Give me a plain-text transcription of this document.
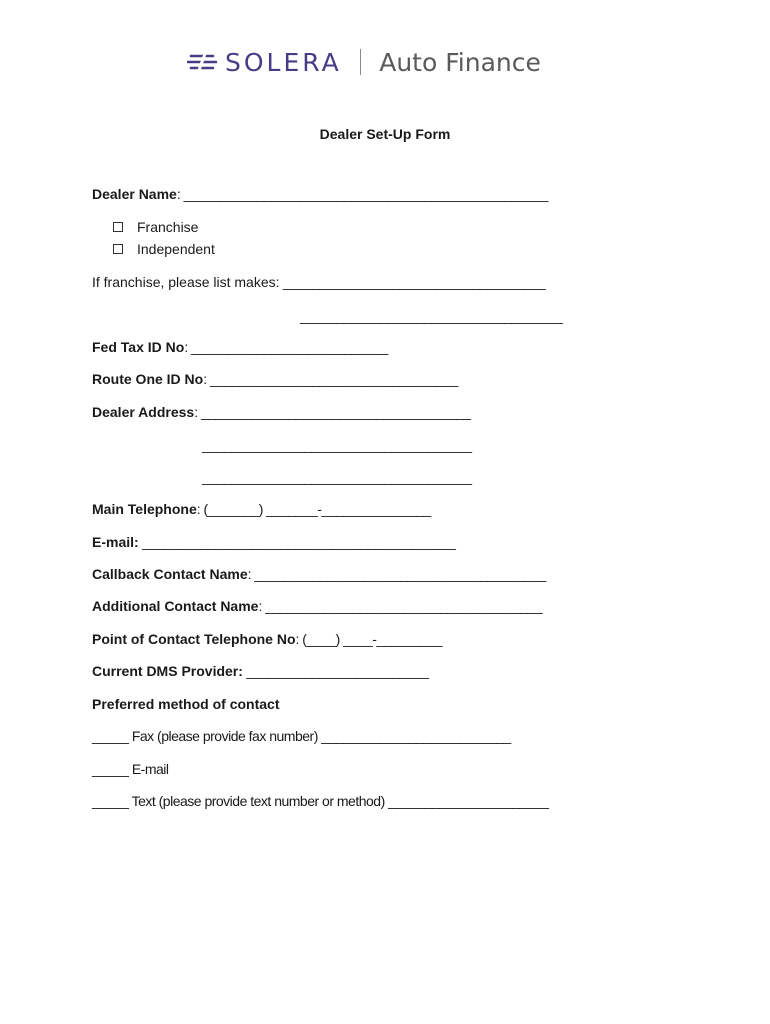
SOLERA Auto Finance
Dealer Set-Up Form
Dealer Name: __________________________________________________
Franchise
Independent
If franchise, please list makes: ____________________________________
____________________________________
Fed Tax ID No: ___________________________
Route One ID No: __________________________________
Dealer Address: _____________________________________
_____________________________________
_____________________________________
Main Telephone: (_______) _______-_______________
E-mail: ___________________________________________
Callback Contact Name: ________________________________________
Additional Contact Name: ______________________________________
Point of Contact Telephone No: (____) ____-_________
Current DMS Provider: _________________________
Preferred method of contact
_____ Fax (please provide fax number) __________________________
_____ E-mail
_____ Text (please provide text number or method) ______________________
